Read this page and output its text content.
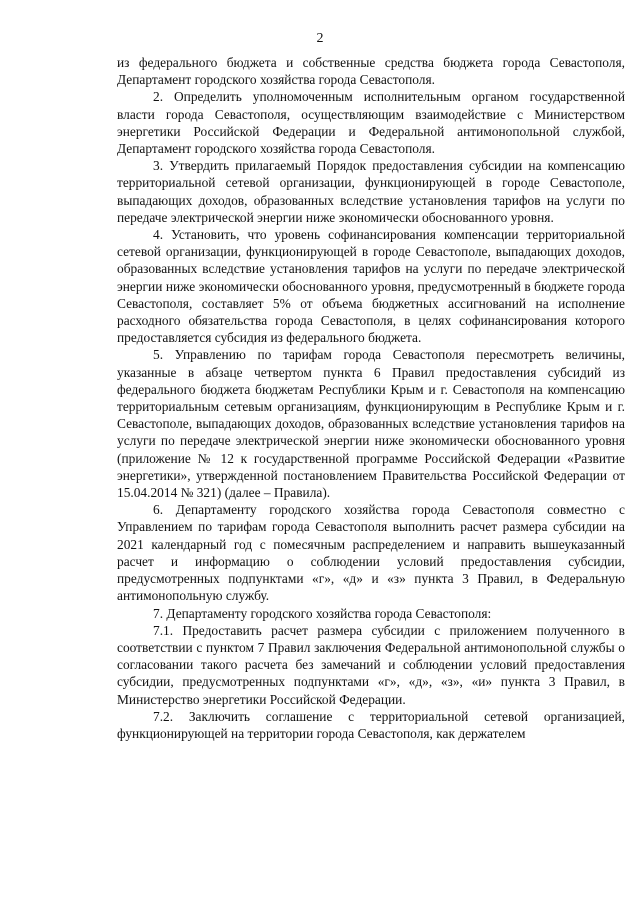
2

из федерального бюджета и собственные средства бюджета города Севастополя, Департамент городского хозяйства города Севастополя.

2. Определить уполномоченным исполнительным органом государственной власти города Севастополя, осуществляющим взаимодействие с Министерством энергетики Российской Федерации и Федеральной антимонопольной службой, Департамент городского хозяйства города Севастополя.

3. Утвердить прилагаемый Порядок предоставления субсидии на компенсацию территориальной сетевой организации, функционирующей в городе Севастополе, выпадающих доходов, образованных вследствие установления тарифов на услуги по передаче электрической энергии ниже экономически обоснованного уровня.

4. Установить, что уровень софинансирования компенсации территориальной сетевой организации, функционирующей в городе Севастополе, выпадающих доходов, образованных вследствие установления тарифов на услуги по передаче электрической энергии ниже экономически обоснованного уровня, предусмотренный в бюджете города Севастополя, составляет 5% от объема бюджетных ассигнований на исполнение расходного обязательства города Севастополя, в целях софинансирования которого предоставляется субсидия из федерального бюджета.

5. Управлению по тарифам города Севастополя пересмотреть величины, указанные в абзаце четвертом пункта 6 Правил предоставления субсидий из федерального бюджета бюджетам Республики Крым и г. Севастополя на компенсацию территориальным сетевым организациям, функционирующим в Республике Крым и г. Севастополе, выпадающих доходов, образованных вследствие установления тарифов на услуги по передаче электрической энергии ниже экономически обоснованного уровня (приложение № 12 к государственной программе Российской Федерации «Развитие энергетики», утвержденной постановлением Правительства Российской Федерации от 15.04.2014 № 321) (далее – Правила).

6. Департаменту городского хозяйства города Севастополя совместно с Управлением по тарифам города Севастополя выполнить расчет размера субсидии на 2021 календарный год с помесячным распределением и направить вышеуказанный расчет и информацию о соблюдении условий предоставления субсидии, предусмотренных подпунктами «г», «д» и «з» пункта 3 Правил, в Федеральную антимонопольную службу.

7. Департаменту городского хозяйства города Севастополя:

7.1. Предоставить расчет размера субсидии с приложением полученного в соответствии с пунктом 7 Правил заключения Федеральной антимонопольной службы о согласовании такого расчета без замечаний и соблюдении условий предоставления субсидии, предусмотренных подпунктами «г», «д», «з», «и» пункта 3 Правил, в Министерство энергетики Российской Федерации.

7.2. Заключить соглашение с территориальной сетевой организацией, функционирующей на территории города Севастополя, как держателем
